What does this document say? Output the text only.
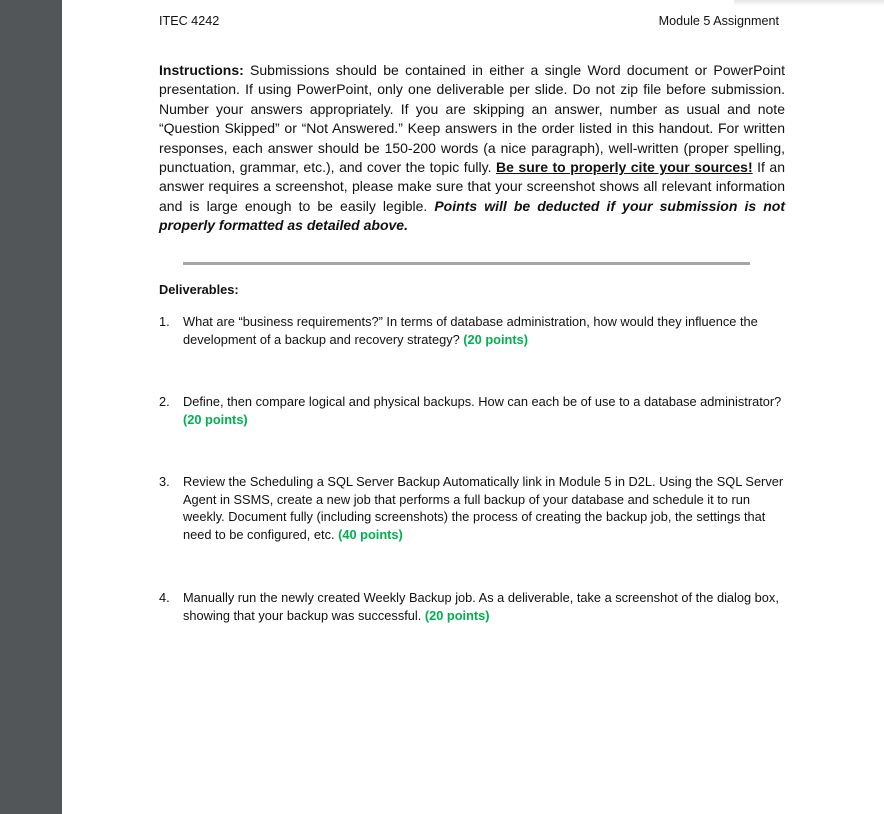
ITEC 4242	Module 5 Assignment

Instructions: Submissions should be contained in either a single Word document or PowerPoint presentation. If using PowerPoint, only one deliverable per slide. Do not zip file before submission. Number your answers appropriately. If you are skipping an answer, number as usual and note “Question Skipped” or “Not Answered.” Keep answers in the order listed in this handout. For written responses, each answer should be 150-200 words (a nice paragraph), well-written (proper spelling, punctuation, grammar, etc.), and cover the topic fully. Be sure to properly cite your sources! If an answer requires a screenshot, please make sure that your screenshot shows all relevant information and is large enough to be easily legible. Points will be deducted if your submission is not properly formatted as detailed above.

Deliverables:
1. What are “business requirements?” In terms of database administration, how would they influence the development of a backup and recovery strategy? (20 points)
2. Define, then compare logical and physical backups. How can each be of use to a database administrator? (20 points)
3. Review the Scheduling a SQL Server Backup Automatically link in Module 5 in D2L. Using the SQL Server Agent in SSMS, create a new job that performs a full backup of your database and schedule it to run weekly. Document fully (including screenshots) the process of creating the backup job, the settings that need to be configured, etc. (40 points)
4. Manually run the newly created Weekly Backup job. As a deliverable, take a screenshot of the dialog box, showing that your backup was successful. (20 points)
